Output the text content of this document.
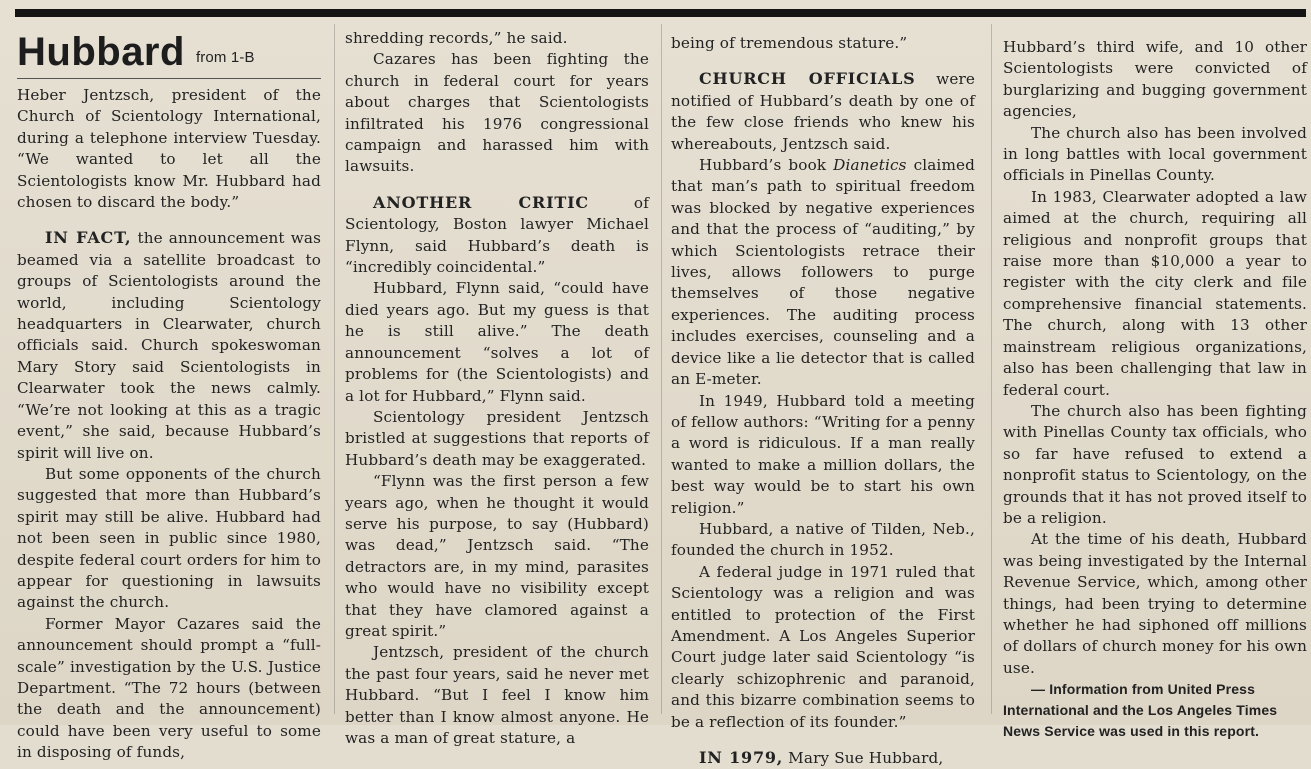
Hubbard from 1-B

Heber Jentzsch, president of the Church of Scientology International, during a telephone interview Tuesday. “We wanted to let all the Scientologists know Mr. Hubbard had chosen to discard the body.”

IN FACT, the announcement was beamed via a satellite broadcast to groups of Scientologists around the world, including Scientology headquarters in Clearwater, church officials said. Church spokeswoman Mary Story said Scientologists in Clearwater took the news calmly. “We’re not looking at this as a tragic event,” she said, because Hubbard’s spirit will live on.

But some opponents of the church suggested that more than Hubbard’s spirit may still be alive. Hubbard had not been seen in public since 1980, despite federal court orders for him to appear for questioning in lawsuits against the church.

Former Mayor Cazares said the announcement should prompt a “full-scale” investigation by the U.S. Justice Department. “The 72 hours (between the death and the announcement) could have been very useful to some in disposing of funds,

shredding records,” he said.

Cazares has been fighting the church in federal court for years about charges that Scientologists infiltrated his 1976 congressional campaign and harassed him with lawsuits.

ANOTHER CRITIC	of Scientology, Boston lawyer Michael Flynn, said Hubbard’s death is “incredibly coincidental.”

Hubbard, Flynn said, “could have died years ago. But my guess is that he is still alive.” The death announcement “solves a lot of problems for (the Scientologists) and a lot for Hubbard,” Flynn said.

Scientology president Jentzsch bristled at suggestions that reports of Hubbard’s death may be exaggerated.

“Flynn was the first person a few years ago, when he thought it would serve his purpose, to say (Hubbard) was dead,” Jentzsch said. “The detractors are, in my mind, parasites who would have no visibility except that they have clamored against a great spirit.”

Jentzsch, president of the church the past four years, said he never met Hubbard. “But I feel I know him better than I know almost anyone. He was a man of great stature, a

being of tremendous stature.”

CHURCH OFFICIALS were notified of Hubbard’s death by one of the few close friends who knew his whereabouts, Jentzsch said.

Hubbard’s book Dianetics claimed that man’s path to spiritual freedom was blocked by negative experiences and that the process of “auditing,” by which Scientologists retrace their lives, allows followers to purge themselves of those negative experiences. The auditing process includes exercises, counseling and a device like a lie detector that is called an E-meter.

In 1949, Hubbard told a meeting of fellow authors: “Writing for a penny a word is ridiculous. If a man really wanted to make a million dollars, the best way would be to start his own religion.”

Hubbard, a native of Tilden, Neb., founded the church in 1952.

A federal judge in 1971 ruled that Scientology was a religion and was entitled to protection of the First Amendment. A Los Angeles Superior Court judge later said Scientology “is clearly schizophrenic and paranoid, and this bizarre combination seems to be a reflection of its founder.”

IN 1979, Mary Sue Hubbard,

Hubbard’s third wife, and 10 other Scientologists were convicted of burglarizing and bugging government agencies,

The church also has been involved in long battles with local government officials in Pinellas County.

In 1983, Clearwater adopted a law aimed at the church, requiring all religious and nonprofit groups that raise more than $10,000 a year to register with the city clerk and file comprehensive financial statements. The church, along with 13 other mainstream religious organizations, also has been challenging that law in federal court.

The church also has been fighting with Pinellas County tax officials, who so far have refused to extend a nonprofit status to Scientology, on the grounds that it has not proved itself to be a religion.

At the time of his death, Hubbard was being investigated by the Internal Revenue Service, which, among other things, had been trying to determine whether he had siphoned off millions of dollars of church money for his own use.

— Information from United Press International and the Los Angeles Times News Service was used in this report.
